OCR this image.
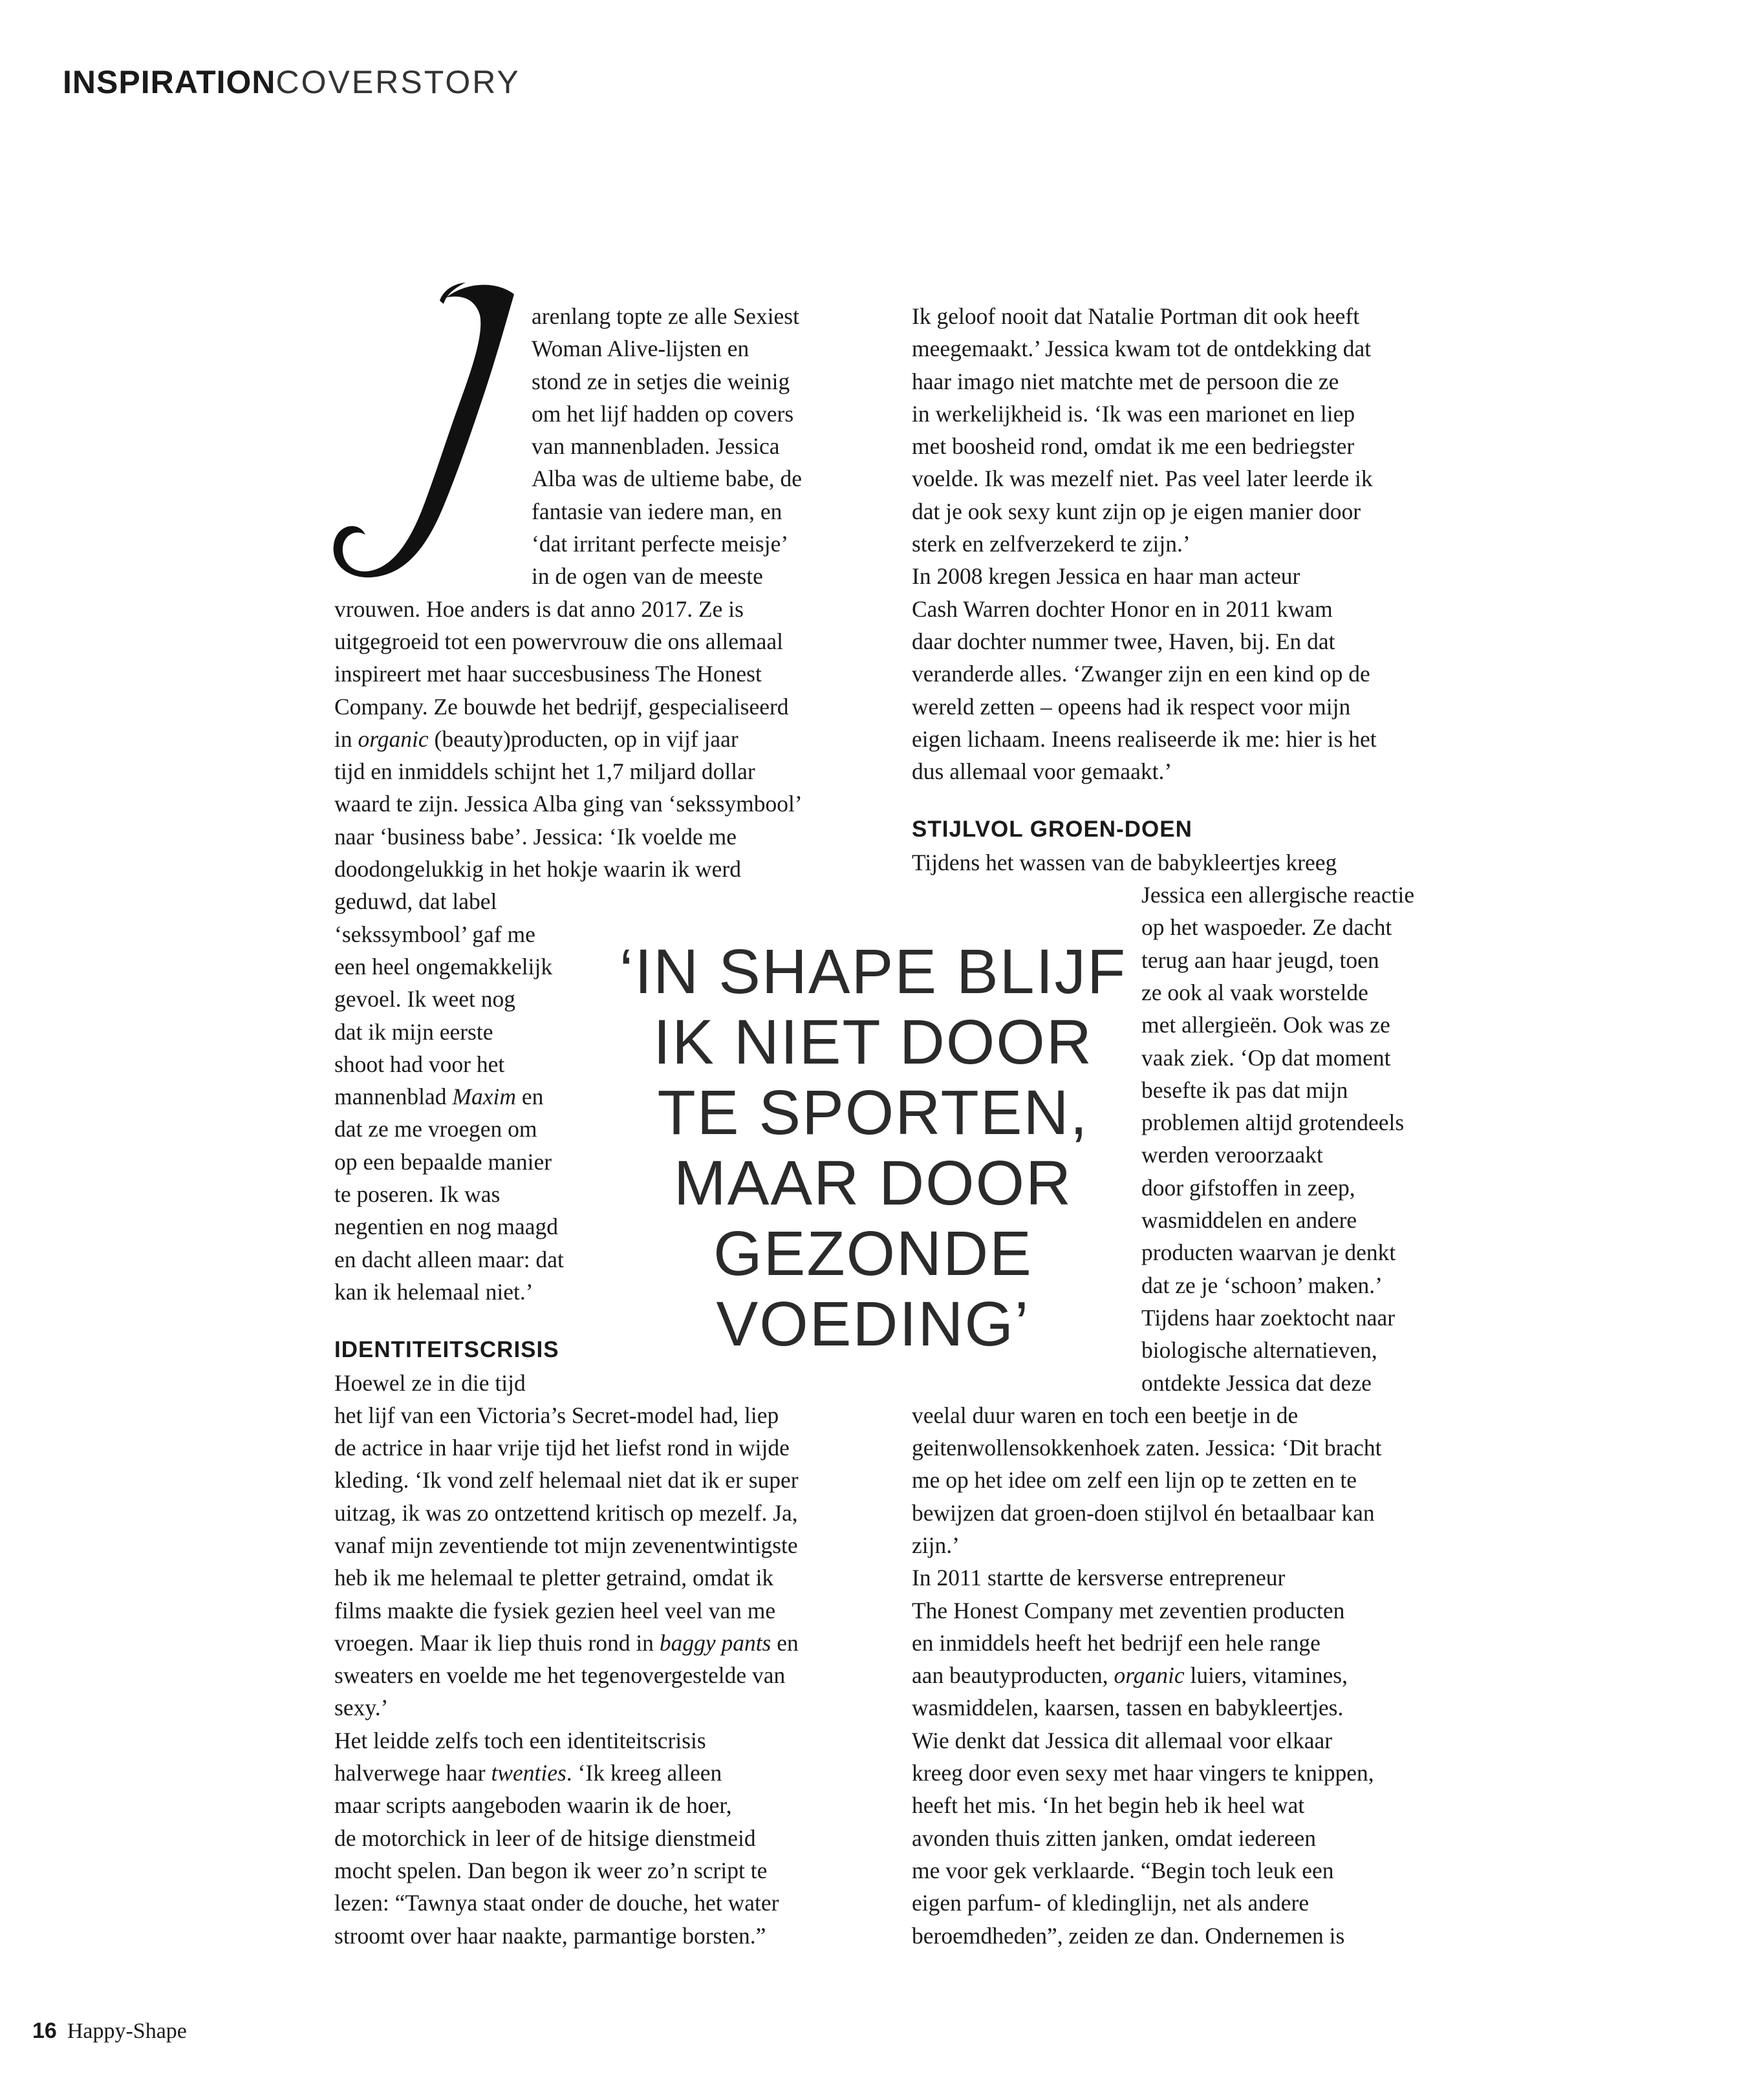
INSPIRATIONCOVERSTORY
arenlang topte ze alle Sexiest
Woman Alive-lijsten en
stond ze in setjes die weinig
om het lijf hadden op covers
van mannenbladen. Jessica
Alba was de ultieme babe, de
fantasie van iedere man, en
‘dat irritant perfecte meisje’
in de ogen van de meeste
vrouwen. Hoe anders is dat anno 2017. Ze is
uitgegroeid tot een powervrouw die ons allemaal
inspireert met haar succesbusiness The Honest
Company. Ze bouwde het bedrijf, gespecialiseerd
in organic (beauty)producten, op in vijf jaar
tijd en inmiddels schijnt het 1,7 miljard dollar
waard te zijn. Jessica Alba ging van ‘sekssymbool’
naar ‘business babe’. Jessica: ‘Ik voelde me
doodongelukkig in het hokje waarin ik werd
geduwd, dat label
‘sekssymbool’ gaf me
een heel ongemakkelijk
gevoel. Ik weet nog
dat ik mijn eerste
shoot had voor het
mannenblad Maxim en
dat ze me vroegen om
op een bepaalde manier
te poseren. Ik was
negentien en nog maagd
en dacht alleen maar: dat
kan ik helemaal niet.’
IDENTITEITSCRISIS
Hoewel ze in die tijd
het lijf van een Victoria’s Secret-model had, liep
de actrice in haar vrije tijd het liefst rond in wijde
kleding. ‘Ik vond zelf helemaal niet dat ik er super
uitzag, ik was zo ontzettend kritisch op mezelf. Ja,
vanaf mijn zeventiende tot mijn zevenentwintigste
heb ik me helemaal te pletter getraind, omdat ik
films maakte die fysiek gezien heel veel van me
vroegen. Maar ik liep thuis rond in baggy pants en
sweaters en voelde me het tegenovergestelde van
sexy.’
Het leidde zelfs toch een identiteitscrisis
halverwege haar twenties. ‘Ik kreeg alleen
maar scripts aangeboden waarin ik de hoer,
de motorchick in leer of de hitsige dienstmeid
mocht spelen. Dan begon ik weer zo’n script te
lezen: “Tawnya staat onder de douche, het water
stroomt over haar naakte, parmantige borsten.”
Ik geloof nooit dat Natalie Portman dit ook heeft
meegemaakt.’ Jessica kwam tot de ontdekking dat
haar imago niet matchte met de persoon die ze
in werkelijkheid is. ‘Ik was een marionet en liep
met boosheid rond, omdat ik me een bedriegster
voelde. Ik was mezelf niet. Pas veel later leerde ik
dat je ook sexy kunt zijn op je eigen manier door
sterk en zelfverzekerd te zijn.’
In 2008 kregen Jessica en haar man acteur
Cash Warren dochter Honor en in 2011 kwam
daar dochter nummer twee, Haven, bij. En dat
veranderde alles. ‘Zwanger zijn en een kind op de
wereld zetten – opeens had ik respect voor mijn
eigen lichaam. Ineens realiseerde ik me: hier is het
dus allemaal voor gemaakt.’
STIJLVOL GROEN-DOEN
Tijdens het wassen van de babykleertjes kreeg
Jessica een allergische reactie
op het waspoeder. Ze dacht
terug aan haar jeugd, toen
ze ook al vaak worstelde
met allergieën. Ook was ze
vaak ziek. ‘Op dat moment
besefte ik pas dat mijn
problemen altijd grotendeels
werden veroorzaakt
door gifstoffen in zeep,
wasmiddelen en andere
producten waarvan je denkt
dat ze je ‘schoon’ maken.’
Tijdens haar zoektocht naar
biologische alternatieven,
ontdekte Jessica dat deze
veelal duur waren en toch een beetje in de
geitenwollensokkenhoek zaten. Jessica: ‘Dit bracht
me op het idee om zelf een lijn op te zetten en te
bewijzen dat groen-doen stijlvol én betaalbaar kan
zijn.’
In 2011 startte de kersverse entrepreneur
The Honest Company met zeventien producten
en inmiddels heeft het bedrijf een hele range
aan beautyproducten, organic luiers, vitamines,
wasmiddelen, kaarsen, tassen en babykleertjes.
Wie denkt dat Jessica dit allemaal voor elkaar
kreeg door even sexy met haar vingers te knippen,
heeft het mis. ‘In het begin heb ik heel wat
avonden thuis zitten janken, omdat iedereen
me voor gek verklaarde. “Begin toch leuk een
eigen parfum- of kledinglijn, net als andere
beroemdheden”, zeiden ze dan. Ondernemen is
‘IN SHAPE BLIJF
IK NIET DOOR
TE SPORTEN,
MAAR DOOR
GEZONDE
VOEDING’
16 Happy-Shape
